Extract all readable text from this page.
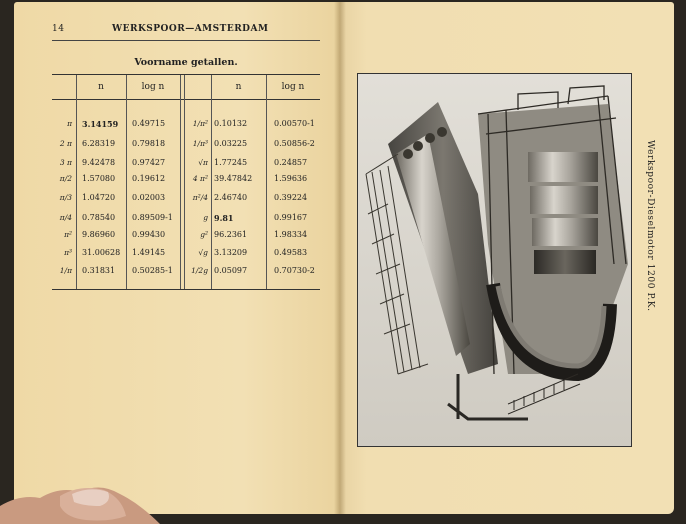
14	WERKSPOOR—AMSTERDAM
Voorname getallen.
n	log n	n	log n
π 3.14159	0.49715	1/π² 0.10132	0.00570-1
2 π 6.28319	0.79818	1/π³ 0.03225	0.50856-2
3 π 9.42478	0.97427	√π 1.77245	0.24857
π/2 1.57080	0.19612	4 π² 39.47842	1.59636
π/3 1.04720	0.02003	π²/4 2.46740	0.39224
π/4 0.78540	0.89509-1	g 9.81	0.99167
π² 9.86960	0.99430	g² 96.2361	1.98334
π³ 31.00628	1.49145	√g 3.13209	0.49583
1/π 0.31831	0.50285-1	1/2g 0.05097	0.70730-2	Werkspoor-Dieselmotor 1200 P.K.
